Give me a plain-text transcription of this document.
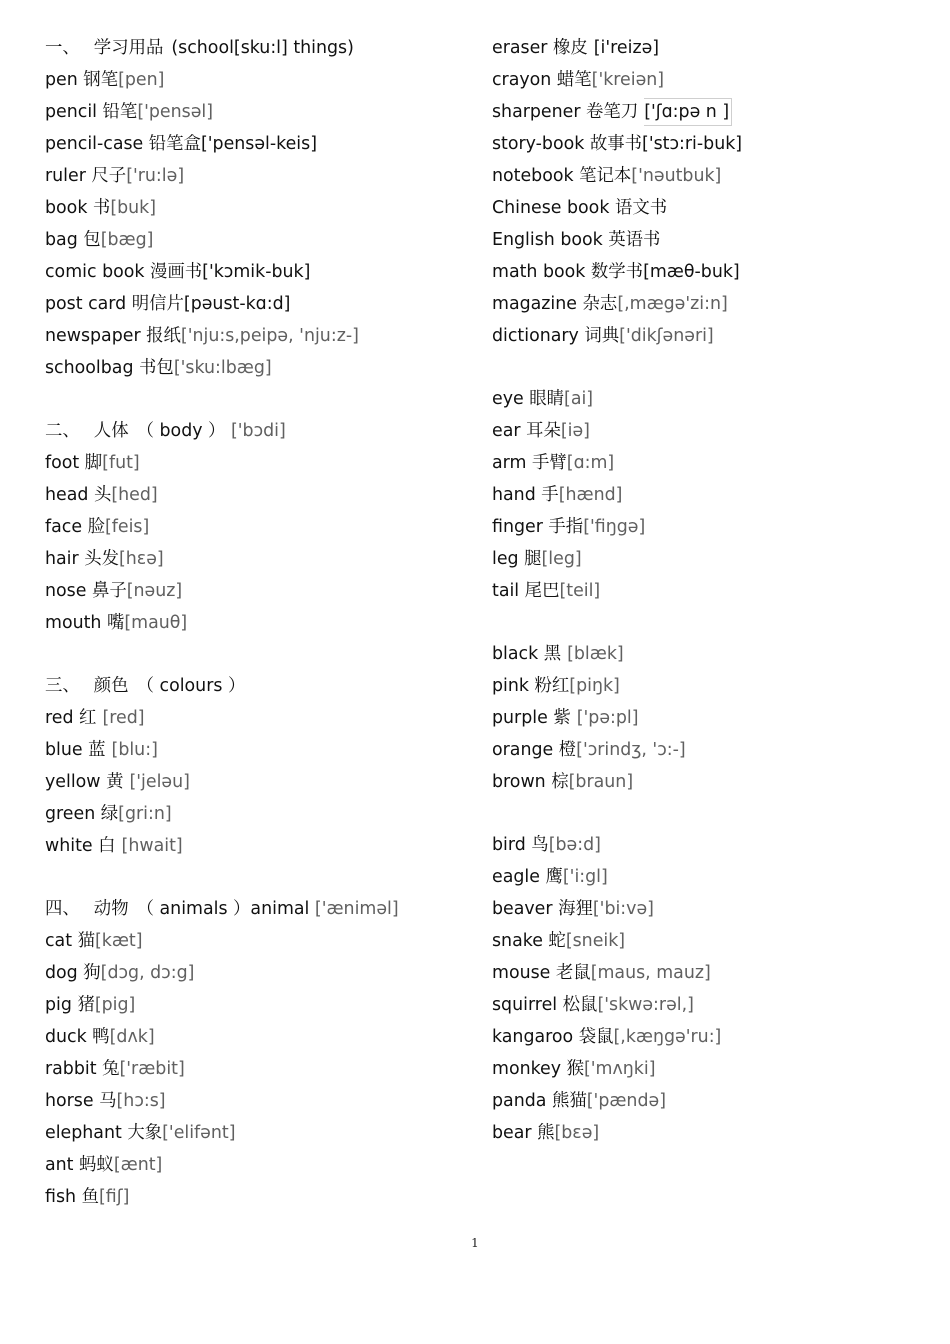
一、 学习用品 (school[sku:l] things)
pen 钢笔[pen]
pencil 铅笔['pensəl]
pencil-case 铅笔盒['pensəl-keis]
ruler 尺子['ru:lə]
book 书[buk]
bag 包[bæg]
comic book 漫画书['kɔmik-buk]
post card 明信片[pəust-kɑ:d]
newspaper 报纸['nju:s,peipə, 'nju:z-]
schoolbag 书包['sku:lbæg]
二、 人体 （ body ） ['bɔdi]
foot 脚[fut]
head 头[hed]
face 脸[feis]
hair 头发[hεə]
nose 鼻子[nəuz]
mouth 嘴[mauθ]
三、 颜色 （ colours ）
red 红 [red]
blue 蓝 [blu:]
yellow 黄 ['jeləu]
green 绿[gri:n]
white 白 [hwait]
四、 动物 （ animals ）animal ['ænimәl]
cat 猫[kæt]
dog 狗[dɔg, dɔ:g]
pig 猪[pig]
duck 鸭[dʌk]
rabbit 兔['ræbit]
horse 马[hɔ:s]
elephant 大象['elifənt]
ant 蚂蚁[ænt]
fish 鱼[fiʃ]
eraser 橡皮 [i'reizə]
crayon 蜡笔['kreiən]
sharpener 卷笔刀 ['ʃɑ:pə n ]
story-book 故事书['stɔ:ri-buk]
notebook 笔记本['nəutbuk]
Chinese book 语文书
English book 英语书
math book 数学书[mæθ-buk]
magazine 杂志[,mægə'zi:n]
dictionary 词典['dikʃənəri]
eye 眼睛[ai]
ear 耳朵[iə]
arm 手臂[ɑ:m]
hand 手[hænd]
finger 手指['fiŋgə]
leg 腿[leg]
tail 尾巴[teil]
black 黑 [blæk]
pink 粉红[piŋk]
purple 紫 ['pə:pl]
orange 橙['ɔrindʒ, 'ɔ:-]
brown 棕[braun]
bird 鸟[bə:d]
eagle 鹰['i:gl]
beaver 海狸['bi:və]
snake 蛇[sneik]
mouse 老鼠[maus, mauz]
squirrel 松鼠['skwə:rəl,]
kangaroo 袋鼠[,kæŋgə'ru:]
monkey 猴['mʌŋki]
panda 熊猫['pændə]
bear 熊[bεə]
1
